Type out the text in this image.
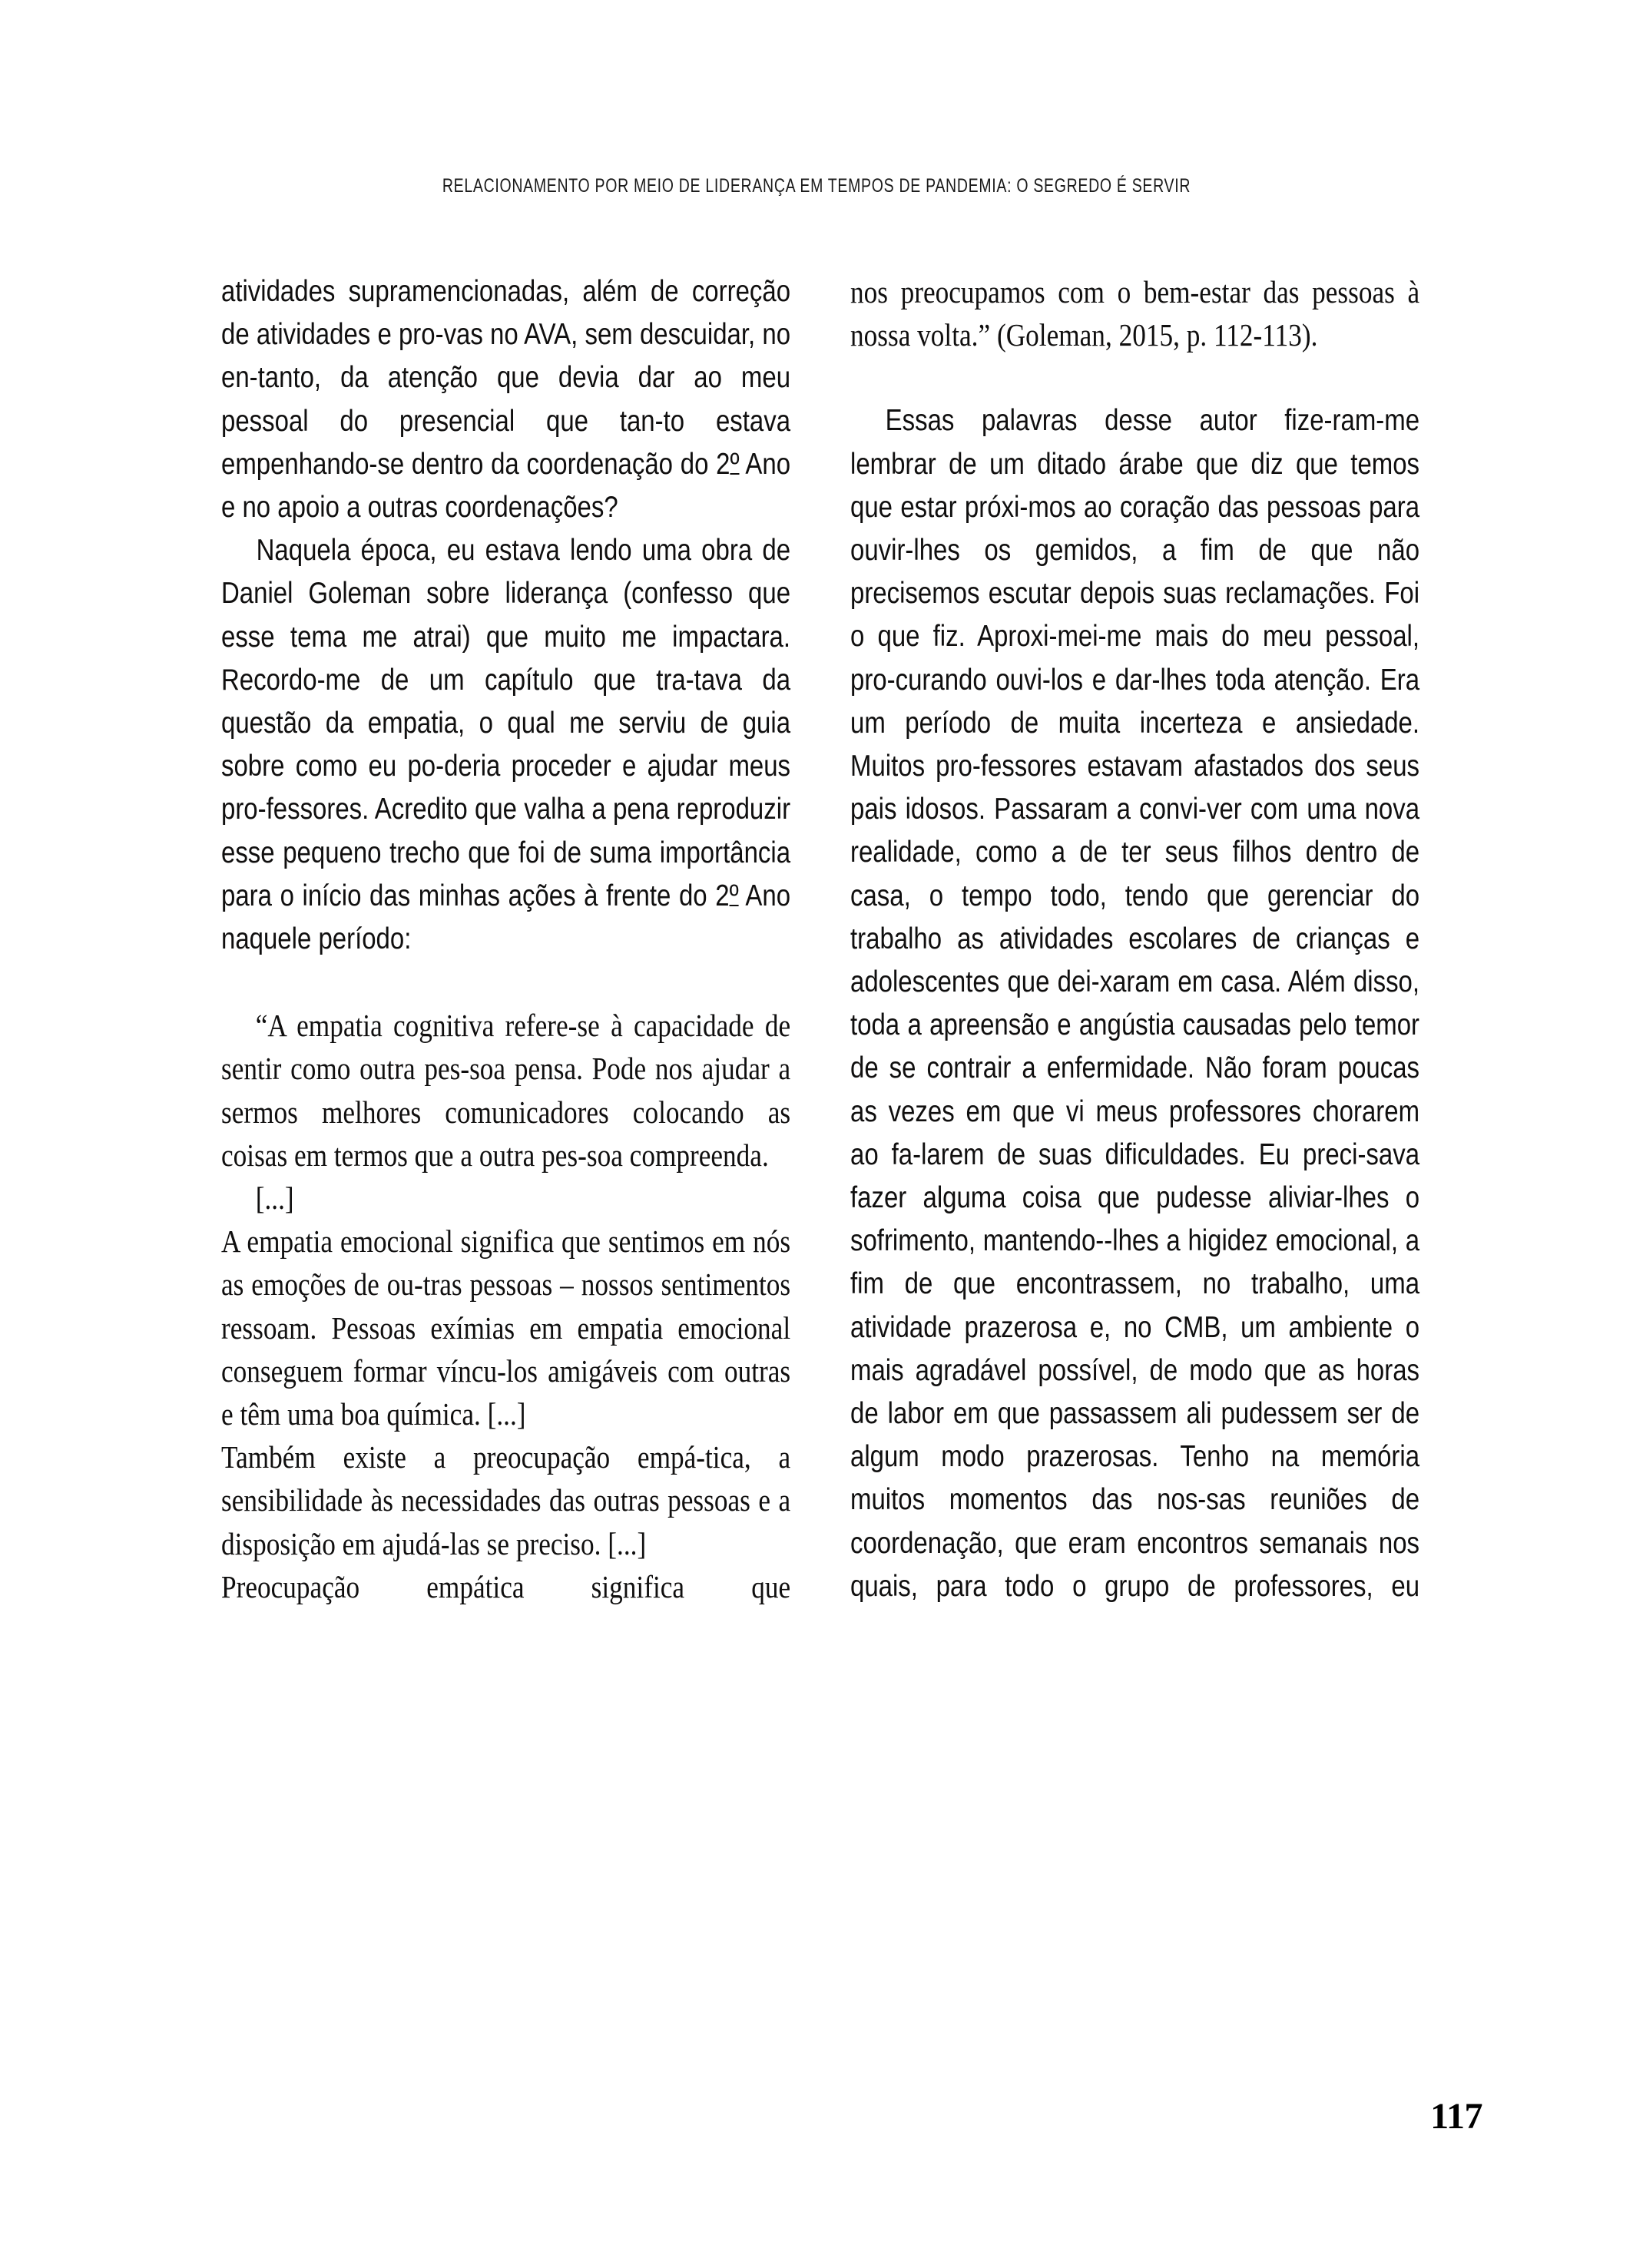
RELACIONAMENTO POR MEIO DE LIDERANÇA EM TEMPOS DE PANDEMIA: O SEGREDO É SERVIR

atividades supramencionadas, além de correção de atividades e pro-vas no AVA, sem descuidar, no en-tanto, da atenção que devia dar ao meu pessoal do presencial que tan-to estava empenhando-se dentro da coordenação do 2º Ano e no apoio a outras coordenações?

Naquela época, eu estava lendo uma obra de Daniel Goleman sobre liderança (confesso que esse tema me atrai) que muito me impactara. Recordo-me de um capítulo que tra-tava da questão da empatia, o qual me serviu de guia sobre como eu po-deria proceder e ajudar meus pro-fessores. Acredito que valha a pena reproduzir esse pequeno trecho que foi de suma importância para o início das minhas ações à frente do 2º Ano naquele período:

“A empatia cognitiva refere-se à capacidade de sentir como outra pes-soa pensa. Pode nos ajudar a sermos melhores comunicadores colocando as coisas em termos que a outra pes-soa compreenda.

[...]

A empatia emocional significa que sentimos em nós as emoções de ou-tras pessoas – nossos sentimentos ressoam. Pessoas exímias em empatia emocional conseguem formar víncu-los amigáveis com outras e têm uma boa química. [...]

Também existe a preocupação empá-tica, a sensibilidade às necessidades das outras pessoas e a disposição em ajudá-las se preciso. [...]

Preocupação empática significa que

nos preocupamos com o bem-estar das pessoas à nossa volta.” (Goleman, 2015, p. 112-113).

Essas palavras desse autor fize-ram-me lembrar de um ditado árabe que diz que temos que estar próxi-mos ao coração das pessoas para ouvir-lhes os gemidos, a fim de que não precisemos escutar depois suas reclamações. Foi o que fiz. Aproxi-mei-me mais do meu pessoal, pro-curando ouvi-los e dar-lhes toda atenção. Era um período de muita incerteza e ansiedade. Muitos pro-fessores estavam afastados dos seus pais idosos. Passaram a convi-ver com uma nova realidade, como a de ter seus filhos dentro de casa, o tempo todo, tendo que gerenciar do trabalho as atividades escolares de crianças e adolescentes que dei-xaram em casa. Além disso, toda a apreensão e angústia causadas pelo temor de se contrair a enfermidade. Não foram poucas as vezes em que vi meus professores chorarem ao fa-larem de suas dificuldades. Eu preci-sava fazer alguma coisa que pudesse aliviar-lhes o sofrimento, mantendo--lhes a higidez emocional, a fim de que encontrassem, no trabalho, uma atividade prazerosa e, no CMB, um ambiente o mais agradável possível, de modo que as horas de labor em que passassem ali pudessem ser de algum modo prazerosas. Tenho na memória muitos momentos das nos-sas reuniões de coordenação, que eram encontros semanais nos quais, para todo o grupo de professores, eu

117
